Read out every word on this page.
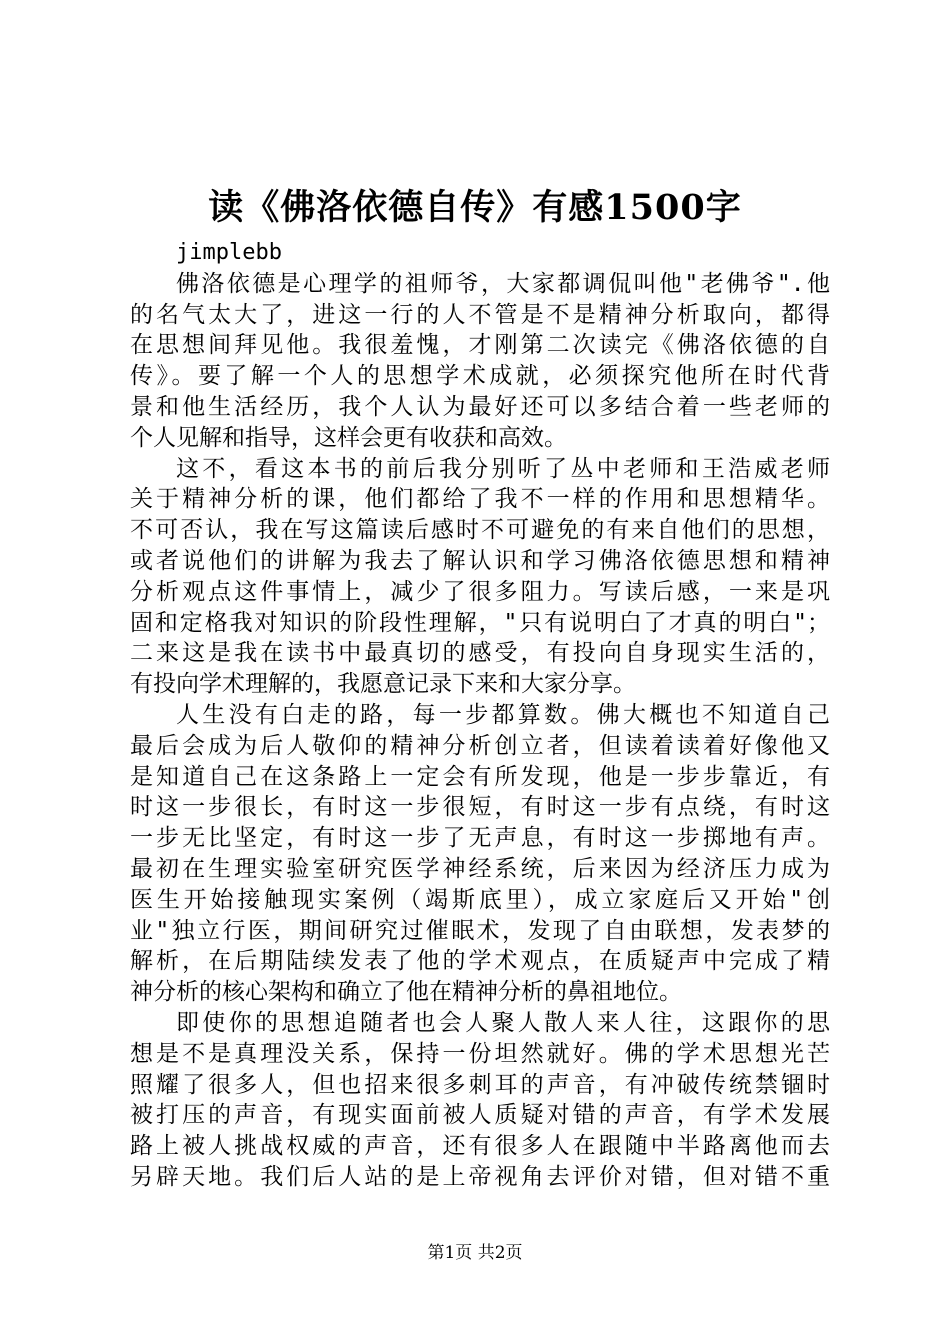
读《佛洛依德自传》有感1500字

jimplebb

佛洛依德是心理学的祖师爷，大家都调侃叫他"老佛爷".他
的名气太大了，进这一行的人不管是不是精神分析取向，都得
在思想间拜见他。我很羞愧，才刚第二次读完《佛洛依德的自
传》。要了解一个人的思想学术成就，必须探究他所在时代背
景和他生活经历，我个人认为最好还可以多结合着一些老师的
个人见解和指导，这样会更有收获和高效。
这不，看这本书的前后我分别听了丛中老师和王浩威老师
关于精神分析的课，他们都给了我不一样的作用和思想精华。
不可否认，我在写这篇读后感时不可避免的有来自他们的思想，
或者说他们的讲解为我去了解认识和学习佛洛依德思想和精神
分析观点这件事情上，减少了很多阻力。写读后感，一来是巩
固和定格我对知识的阶段性理解，"只有说明白了才真的明白"；
二来这是我在读书中最真切的感受，有投向自身现实生活的，
有投向学术理解的，我愿意记录下来和大家分享。
人生没有白走的路，每一步都算数。佛大概也不知道自己
最后会成为后人敬仰的精神分析创立者，但读着读着好像他又
是知道自己在这条路上一定会有所发现，他是一步步靠近，有
时这一步很长，有时这一步很短，有时这一步有点绕，有时这
一步无比坚定，有时这一步了无声息，有时这一步掷地有声。
最初在生理实验室研究医学神经系统，后来因为经济压力成为
医生开始接触现实案例（竭斯底里），成立家庭后又开始"创
业"独立行医，期间研究过催眠术，发现了自由联想，发表梦的
解析，在后期陆续发表了他的学术观点，在质疑声中完成了精
神分析的核心架构和确立了他在精神分析的鼻祖地位。
即使你的思想追随者也会人聚人散人来人往，这跟你的思
想是不是真理没关系，保持一份坦然就好。佛的学术思想光芒
照耀了很多人，但也招来很多刺耳的声音，有冲破传统禁锢时
被打压的声音，有现实面前被人质疑对错的声音，有学术发展
路上被人挑战权威的声音，还有很多人在跟随中半路离他而去
另辟天地。我们后人站的是上帝视角去评价对错，但对错不重
第1页 共2页
